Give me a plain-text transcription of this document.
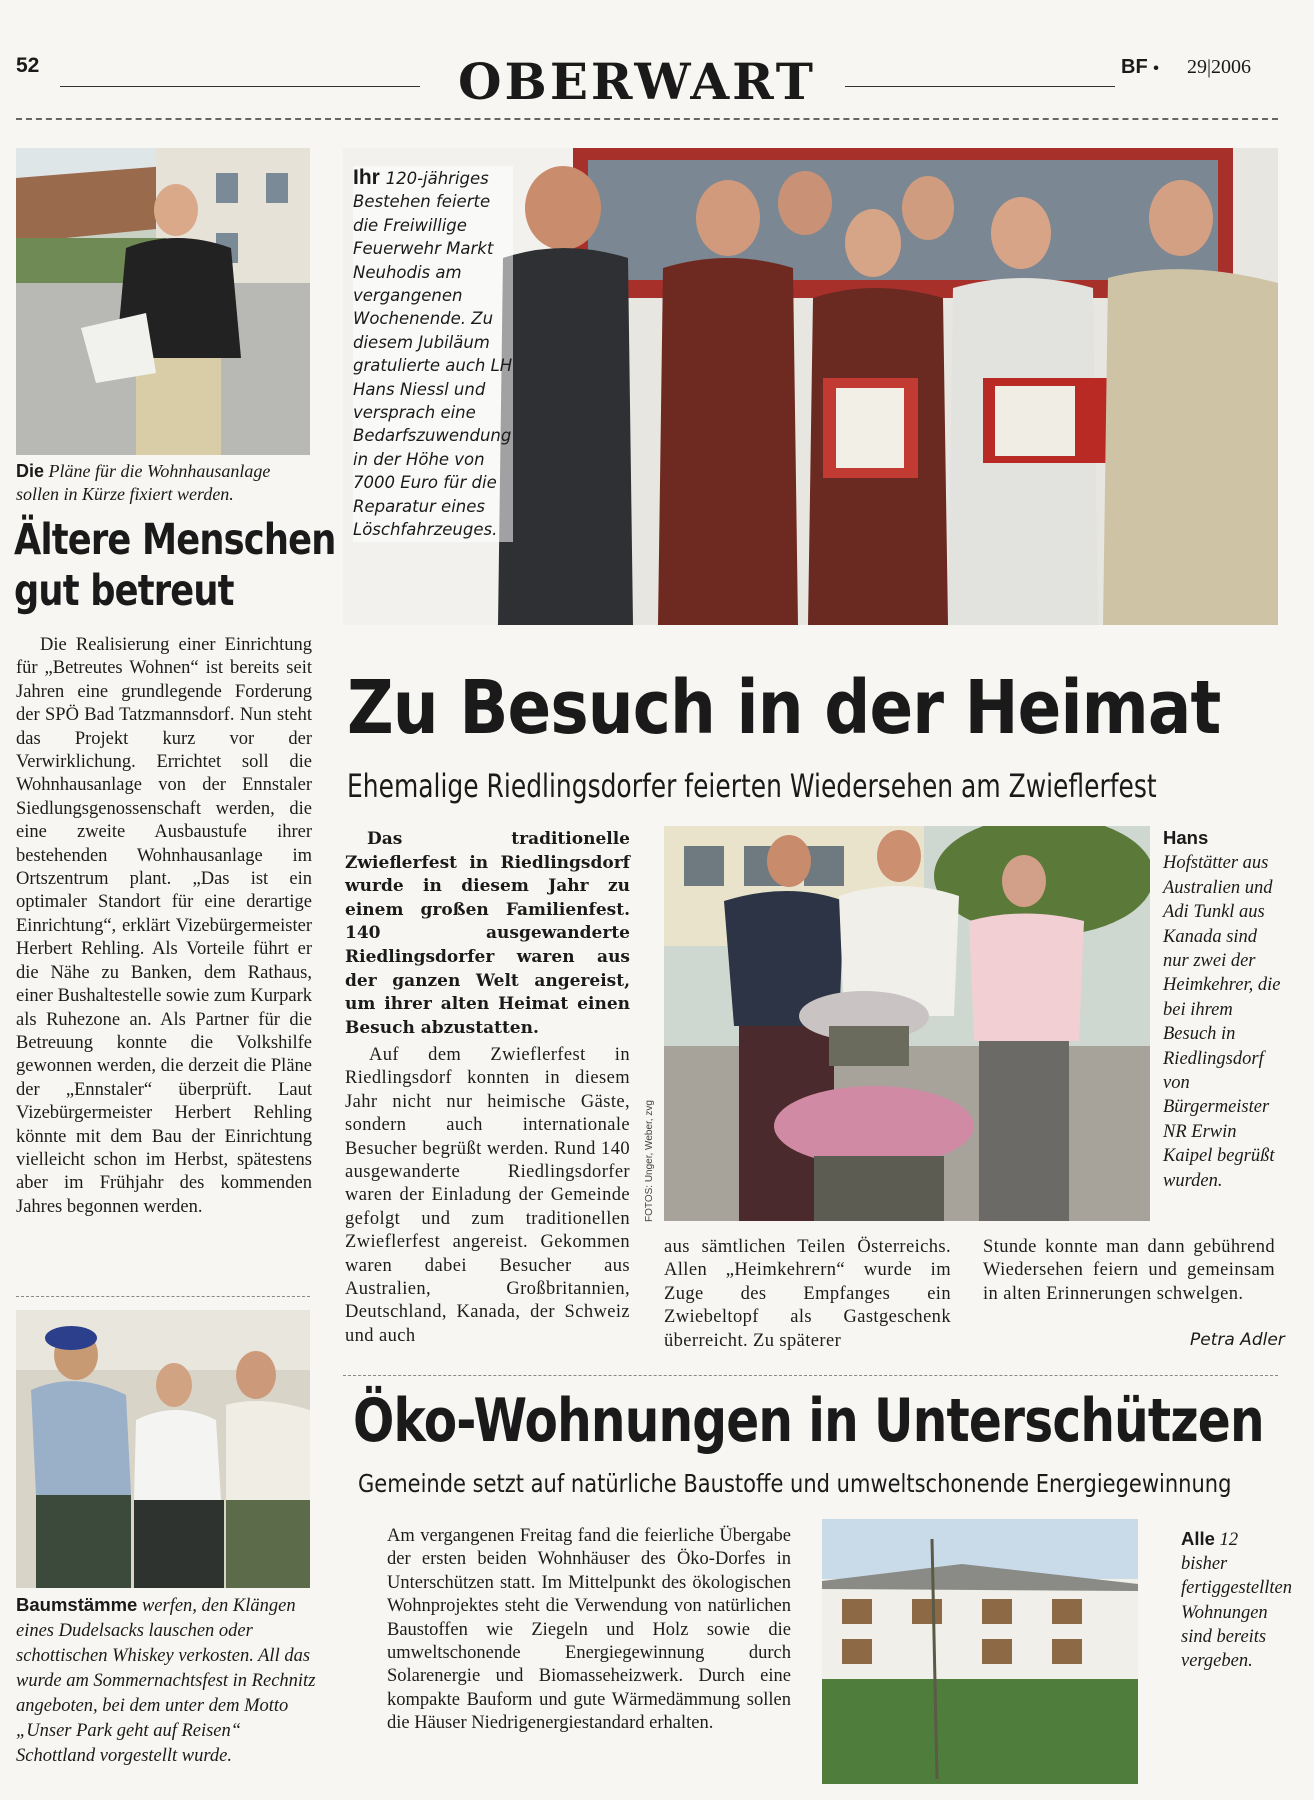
52	OBERWART	BF • 29|2006
Die Pläne für die Wohnhausanlage sollen in Kürze fixiert werden.
Ältere Menschen
gut betreut
Die Realisierung einer Einrichtung für „Betreutes Wohnen“ ist bereits seit Jahren eine grundlegende Forderung der SPÖ Bad Tatzmannsdorf. Nun steht das Projekt kurz vor der Verwirklichung. Errichtet soll die Wohnhausanlage von der Ennstaler Siedlungsgenossenschaft werden, die eine zweite Ausbaustufe ihrer bestehenden Wohnhausanlage im Ortszentrum plant. „Das ist ein optimaler Standort für eine derartige Einrichtung“, erklärt Vizebürgermeister Herbert Rehling. Als Vorteile führt er die Nähe zu Banken, dem Rathaus, einer Bushaltestelle sowie zum Kurpark als Ruhezone an. Als Partner für die Betreuung konnte die Volkshilfe gewonnen werden, die derzeit die Pläne der „Ennstaler“ überprüft. Laut Vizebürgermeister Herbert Rehling könnte mit dem Bau der Einrichtung vielleicht schon im Herbst, spätestens aber im Frühjahr des kommenden Jahres begonnen werden.
Baumstämme werfen, den Klängen eines Dudelsacks lauschen oder schottischen Whiskey verkosten. All das wurde am Sommernachtsfest in Rechnitz angeboten, bei dem unter dem Motto „Unser Park geht auf Reisen“ Schottland vorgestellt wurde.
Ihr 120-jähriges Bestehen feierte die Freiwillige Feuerwehr Markt Neuhodis am vergangenen Wochenende. Zu diesem Jubiläum gratulierte auch LH Hans Niessl und versprach eine Bedarfszuwendung in der Höhe von 7000 Euro für die Reparatur eines Löschfahrzeuges.
Zu Besuch in der Heimat
Ehemalige Riedlingsdorfer feierten Wiedersehen am Zwieflerfest
Das traditionelle Zwieflerfest in Riedlingsdorf wurde in diesem Jahr zu einem großen Familienfest. 140 ausgewanderte Riedlingsdorfer waren aus der ganzen Welt angereist, um ihrer alten Heimat einen Besuch abzustatten.
Auf dem Zwieflerfest in Riedlingsdorf konnten in diesem Jahr nicht nur heimische Gäste, sondern auch internationale Besucher begrüßt werden. Rund 140 ausgewanderte Riedlingsdorfer waren der Einladung der Gemeinde gefolgt und zum traditionellen Zwieflerfest angereist. Gekommen waren dabei Besucher aus Australien, Großbritannien, Deutschland, Kanada, der Schweiz und auch
FOTOS: Unger, Weber, zvg
Hans Hofstätter aus Australien und Adi Tunkl aus Kanada sind nur zwei der Heimkehrer, die bei ihrem Besuch in Riedlingsdorf von Bürgermeister NR Erwin Kaipel begrüßt wurden.
aus sämtlichen Teilen Österreichs. Allen „Heimkehrern“ wurde im Zuge des Empfanges ein Zwiebeltopf als Gastgeschenk überreicht. Zu späterer
Stunde konnte man dann gebührend Wiedersehen feiern und gemeinsam in alten Erinnerungen schwelgen.
Petra Adler
Öko-Wohnungen in Unterschützen
Gemeinde setzt auf natürliche Baustoffe und umweltschonende Energiegewinnung
Am vergangenen Freitag fand die feierliche Übergabe der ersten beiden Wohnhäuser des Öko-Dorfes in Unterschützen statt. Im Mittelpunkt des ökologischen Wohnprojektes steht die Verwendung von natürlichen Baustoffen wie Ziegeln und Holz sowie die umweltschonende Energiegewinnung durch Solarenergie und Biomasseheizwerk. Durch eine kompakte Bauform und gute Wärmedämmung sollen die Häuser Niedrigenergiestandard erhalten.
Alle 12 bisher fertiggestellten Wohnungen sind bereits vergeben.
